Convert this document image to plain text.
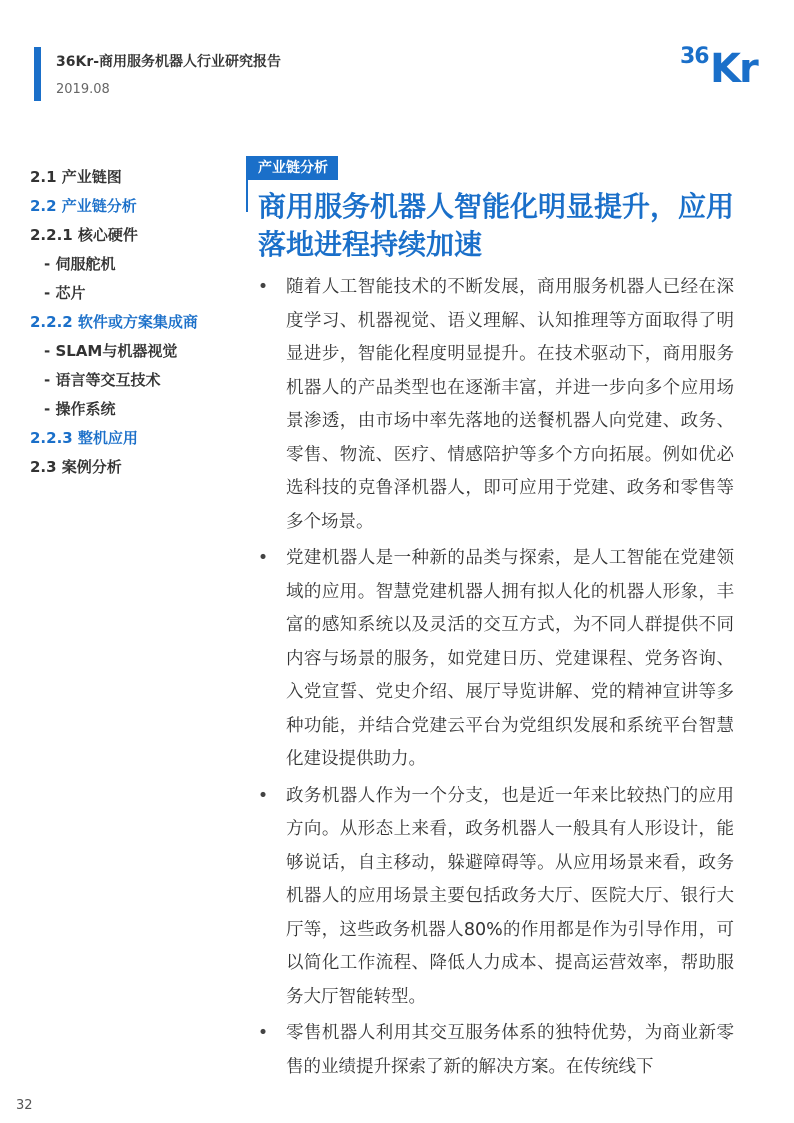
36Kr-商用服务机器人行业研究报告
2019.08
36 Kr
2.1 产业链图
2.2 产业链分析
2.2.1 核心硬件
- 伺服舵机
- 芯片
2.2.2 软件或方案集成商
- SLAM与机器视觉
- 语言等交互技术
- 操作系统
2.2.3 整机应用
2.3 案例分析
产业链分析
商用服务机器人智能化明显提升，应用落地进程持续加速
• 随着人工智能技术的不断发展，商用服务机器人已经在深度学习、机器视觉、语义理解、认知推理等方面取得了明显进步，智能化程度明显提升。在技术驱动下，商用服务机器人的产品类型也在逐渐丰富，并进一步向多个应用场景渗透，由市场中率先落地的送餐机器人向党建、政务、零售、物流、医疗、情感陪护等多个方向拓展。例如优必选科技的克鲁泽机器人，即可应用于党建、政务和零售等多个场景。
• 党建机器人是一种新的品类与探索，是人工智能在党建领域的应用。智慧党建机器人拥有拟人化的机器人形象，丰富的感知系统以及灵活的交互方式，为不同人群提供不同内容与场景的服务，如党建日历、党建课程、党务咨询、入党宣誓、党史介绍、展厅导览讲解、党的精神宣讲等多种功能，并结合党建云平台为党组织发展和系统平台智慧化建设提供助力。
• 政务机器人作为一个分支，也是近一年来比较热门的应用方向。从形态上来看，政务机器人一般具有人形设计，能够说话，自主移动，躲避障碍等。从应用场景来看，政务机器人的应用场景主要包括政务大厅、医院大厅、银行大厅等，这些政务机器人80%的作用都是作为引导作用，可以简化工作流程、降低人力成本、提高运营效率，帮助服务大厅智能转型。
• 零售机器人利用其交互服务体系的独特优势，为商业新零售的业绩提升探索了新的解决方案。在传统线下
32
